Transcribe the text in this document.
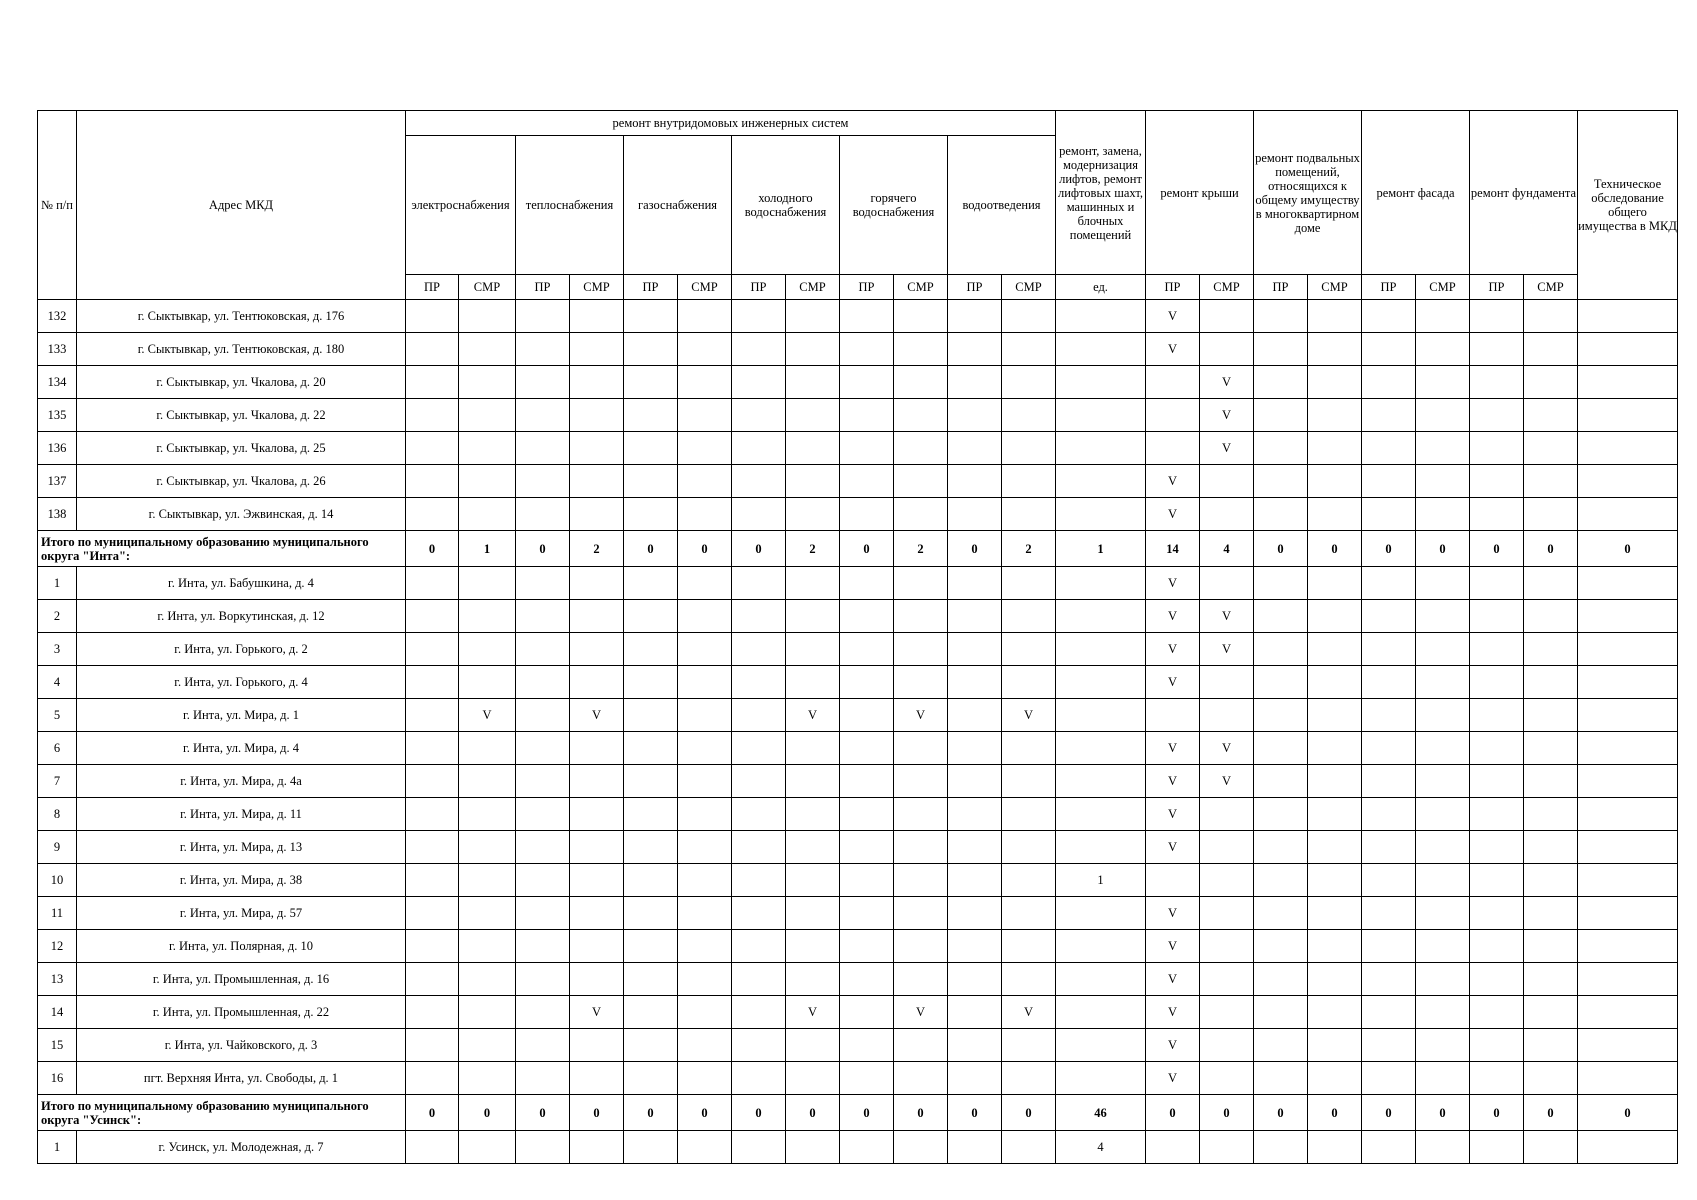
№ п/п	Адрес МКД	ремонт внутридомовых инженерных систем												ремонт, замена, модернизация лифтов, ремонт лифтовых шахт, машинных и блочных помещений	ремонт крыши		ремонт подвальных помещений, относящихся к общему имуществу в многоквартирном доме		ремонт фасада		ремонт фундамента		Техническое обследование общего имущества в МКД
		электроснабжения		теплоснабжения		газоснабжения		холодного водоснабжения		горячего водоснабжения		водоотведения											
		ПР	СМР	ПР	СМР	ПР	СМР	ПР	СМР	ПР	СМР	ПР	СМР	ед.	ПР	СМР	ПР	СМР	ПР	СМР	ПР	СМР	
132	г. Сыктывкар, ул. Тентюковская, д. 176														V								
133	г. Сыктывкар, ул. Тентюковская, д. 180														V								
134	г. Сыктывкар, ул. Чкалова, д. 20															V							
135	г. Сыктывкар, ул. Чкалова, д. 22															V							
136	г. Сыктывкар, ул. Чкалова, д. 25															V							
137	г. Сыктывкар, ул. Чкалова, д. 26														V								
138	г. Сыктывкар, ул. Эжвинская, д. 14														V								
Итого по муниципальному образованию муниципального округа "Инта":		0	1	0	2	0	0	0	2	0	2	0	2	1	14	4	0	0	0	0	0	0	0
1	г. Инта, ул. Бабушкина, д. 4														V								
2	г. Инта, ул. Воркутинская, д. 12														V	V							
3	г. Инта, ул. Горького, д. 2														V	V							
4	г. Инта, ул. Горького, д. 4														V								
5	г. Инта, ул. Мира, д. 1		V		V				V		V		V										
6	г. Инта, ул. Мира, д. 4														V	V							
7	г. Инта, ул. Мира, д. 4а														V	V							
8	г. Инта, ул. Мира, д. 11														V								
9	г. Инта, ул. Мира, д. 13														V								
10	г. Инта, ул. Мира, д. 38													1									
11	г. Инта, ул. Мира, д. 57														V								
12	г. Инта, ул. Полярная, д. 10														V								
13	г. Инта, ул. Промышленная, д. 16														V								
14	г. Инта, ул. Промышленная, д. 22				V				V		V		V		V								
15	г. Инта, ул. Чайковского, д. 3														V								
16	пгт. Верхняя Инта, ул. Свободы, д. 1														V								
Итого по муниципальному образованию муниципального округа "Усинск":		0	0	0	0	0	0	0	0	0	0	0	0	46	0	0	0	0	0	0	0	0	0
1	г. Усинск, ул. Молодежная, д. 7													4									
